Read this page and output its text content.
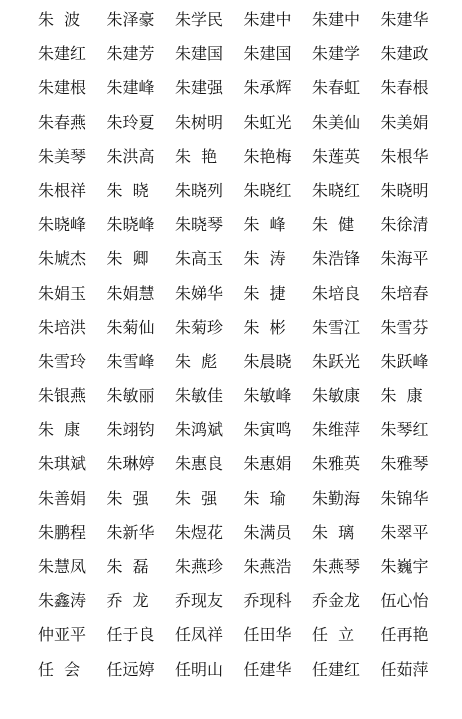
朱  波	朱泽豪	朱学民	朱建中	朱建中	朱建华
朱建红	朱建芳	朱建国	朱建国	朱建学	朱建政
朱建根	朱建峰	朱建强	朱承辉	朱春虹	朱春根
朱春燕	朱玲夏	朱树明	朱虹光	朱美仙	朱美娟
朱美琴	朱洪高	朱  艳	朱艳梅	朱莲英	朱根华
朱根祥	朱  晓	朱晓列	朱晓红	朱晓红	朱晓明
朱晓峰	朱晓峰	朱晓琴	朱  峰	朱  健	朱徐清
朱虓杰	朱  卿	朱高玉	朱  涛	朱浩锋	朱海平
朱娟玉	朱娟慧	朱娣华	朱  捷	朱培良	朱培春
朱培洪	朱菊仙	朱菊珍	朱  彬	朱雪江	朱雪芬
朱雪玲	朱雪峰	朱  彪	朱晨晓	朱跃光	朱跃峰
朱银燕	朱敏丽	朱敏佳	朱敏峰	朱敏康	朱  康
朱  康	朱翊钧	朱鸿斌	朱寅鸣	朱维萍	朱琴红
朱琪斌	朱琳婷	朱惠良	朱惠娟	朱雅英	朱雅琴
朱善娟	朱  强	朱  强	朱  瑜	朱勤海	朱锦华
朱鹏程	朱新华	朱煜花	朱满员	朱  璃	朱翠平
朱慧凤	朱  磊	朱燕珍	朱燕浩	朱燕琴	朱巍宇
朱鑫涛	乔  龙	乔现友	乔现科	乔金龙	伍心怡
仲亚平	任于良	任凤祥	任田华	任  立	任再艳
任  会	任远婷	任明山	任建华	任建红	任茹萍
